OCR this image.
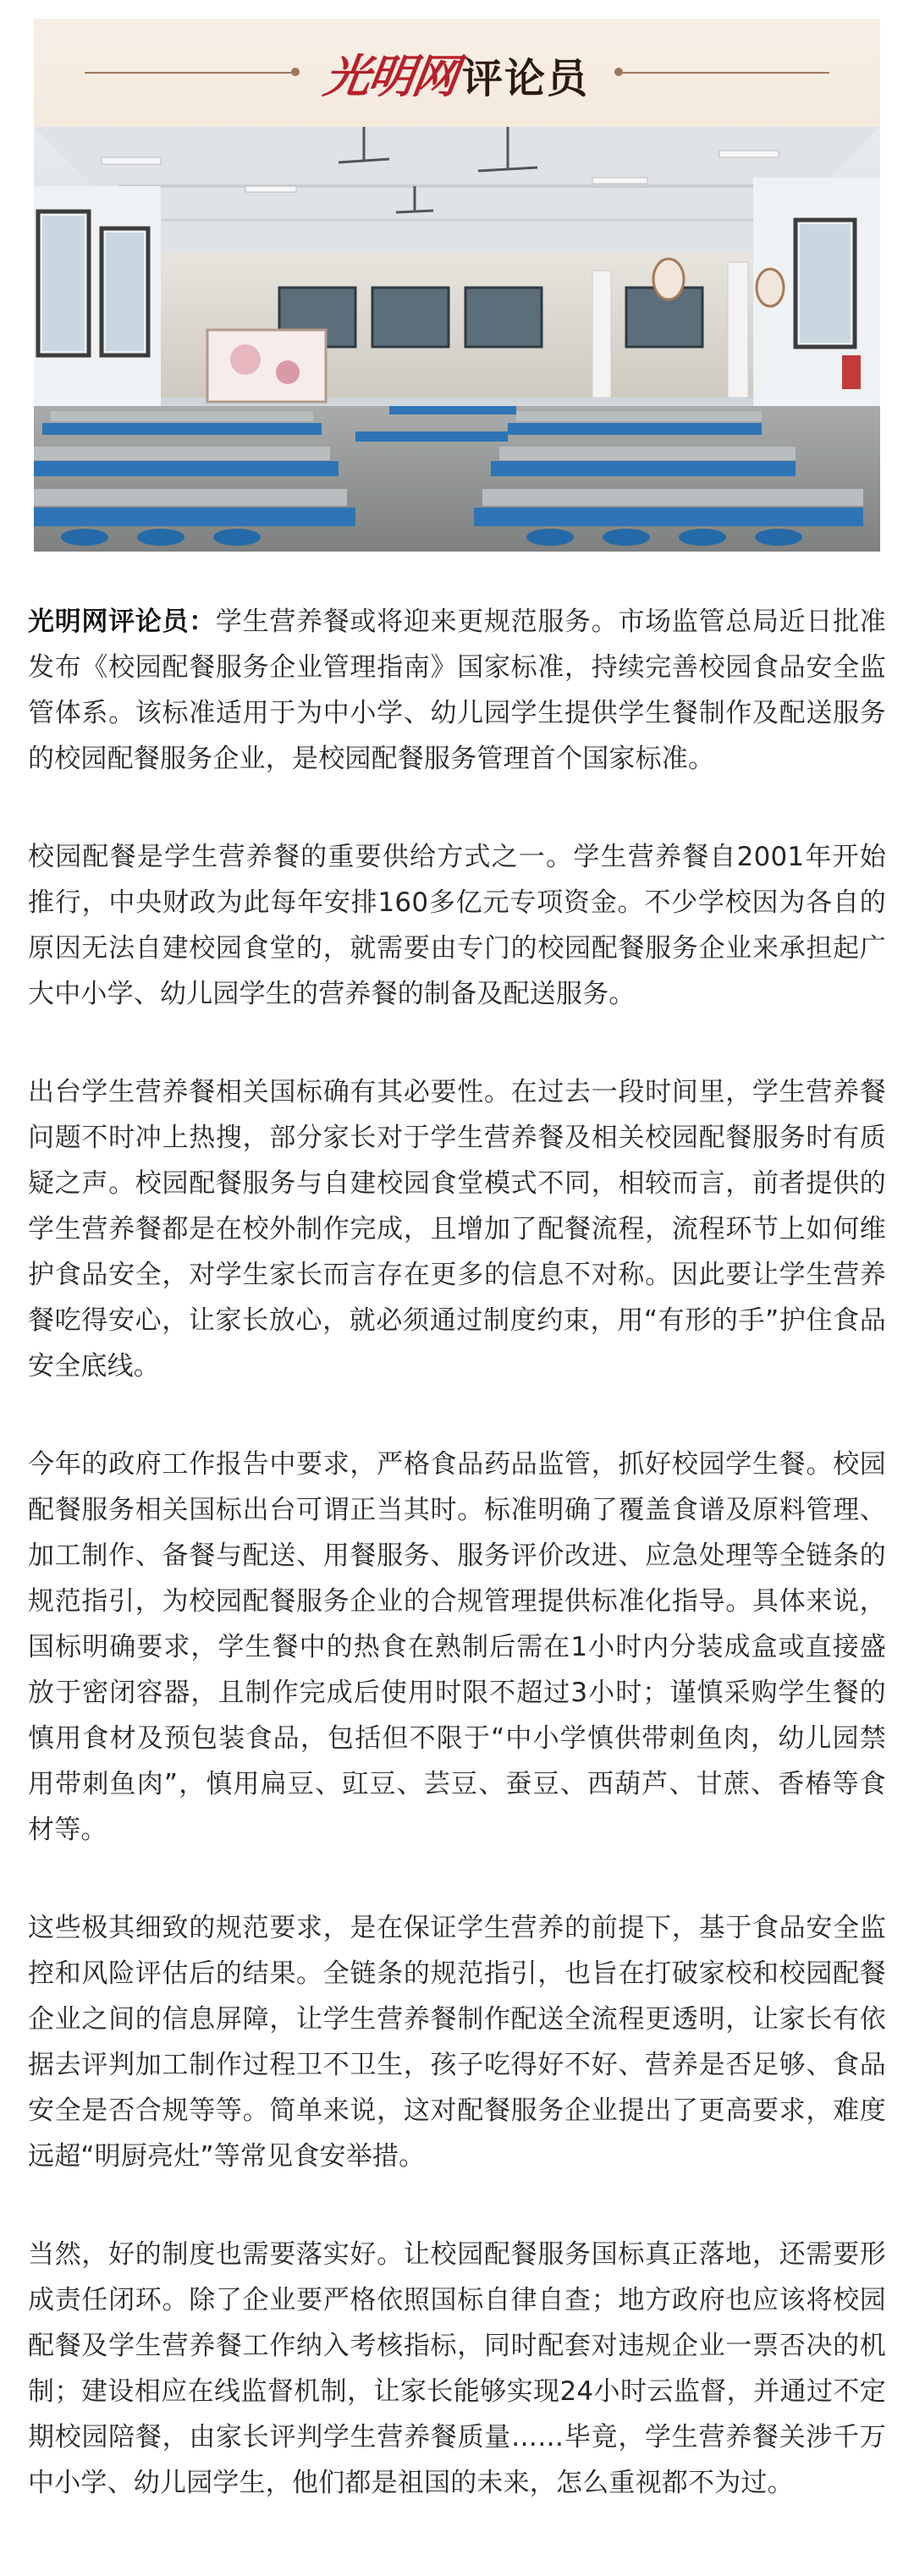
光明网 评论员

光明网评论员：学生营养餐或将迎来更规范服务。市场监管总局近日批准发布《校园配餐服务企业管理指南》国家标准，持续完善校园食品安全监管体系。该标准适用于为中小学、幼儿园学生提供学生餐制作及配送服务的校园配餐服务企业，是校园配餐服务管理首个国家标准。

校园配餐是学生营养餐的重要供给方式之一。学生营养餐自2001年开始推行，中央财政为此每年安排160多亿元专项资金。不少学校因为各自的原因无法自建校园食堂的，就需要由专门的校园配餐服务企业来承担起广大中小学、幼儿园学生的营养餐的制备及配送服务。

出台学生营养餐相关国标确有其必要性。在过去一段时间里，学生营养餐问题不时冲上热搜，部分家长对于学生营养餐及相关校园配餐服务时有质疑之声。校园配餐服务与自建校园食堂模式不同，相较而言，前者提供的学生营养餐都是在校外制作完成，且增加了配餐流程，流程环节上如何维护食品安全，对学生家长而言存在更多的信息不对称。因此要让学生营养餐吃得安心，让家长放心，就必须通过制度约束，用“有形的手”护住食品安全底线。

今年的政府工作报告中要求，严格食品药品监管，抓好校园学生餐。校园配餐服务相关国标出台可谓正当其时。标准明确了覆盖食谱及原料管理、加工制作、备餐与配送、用餐服务、服务评价改进、应急处理等全链条的规范指引，为校园配餐服务企业的合规管理提供标准化指导。具体来说，国标明确要求，学生餐中的热食在熟制后需在1小时内分装成盒或直接盛放于密闭容器，且制作完成后使用时限不超过3小时；谨慎采购学生餐的慎用食材及预包装食品，包括但不限于“中小学慎供带刺鱼肉，幼儿园禁用带刺鱼肉”，慎用扁豆、豇豆、芸豆、蚕豆、西葫芦、甘蔗、香椿等食材等。

这些极其细致的规范要求，是在保证学生营养的前提下，基于食品安全监控和风险评估后的结果。全链条的规范指引，也旨在打破家校和校园配餐企业之间的信息屏障，让学生营养餐制作配送全流程更透明，让家长有依据去评判加工制作过程卫不卫生，孩子吃得好不好、营养是否足够、食品安全是否合规等等。简单来说，这对配餐服务企业提出了更高要求，难度远超“明厨亮灶”等常见食安举措。

当然，好的制度也需要落实好。让校园配餐服务国标真正落地，还需要形成责任闭环。除了企业要严格依照国标自律自查；地方政府也应该将校园配餐及学生营养餐工作纳入考核指标，同时配套对违规企业一票否决的机制；建设相应在线监督机制，让家长能够实现24小时云监督，并通过不定期校园陪餐，由家长评判学生营养餐质量……毕竟，学生营养餐关涉千万中小学、幼儿园学生，他们都是祖国的未来，怎么重视都不为过。
